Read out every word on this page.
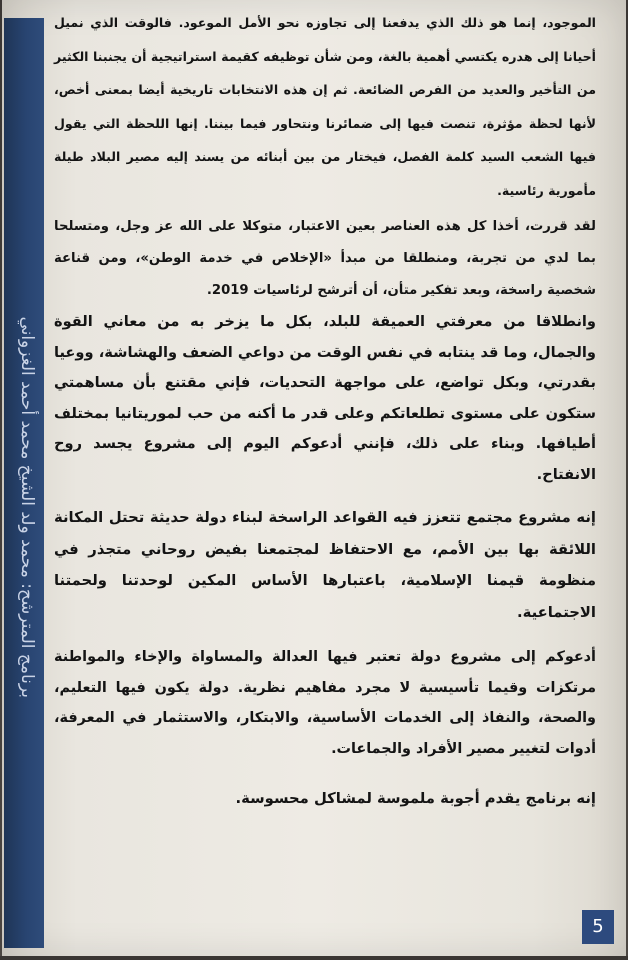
برنامج المترشح: محمد ولد الشيخ محمد أحمد الغزواني

الموجود، إنما هو ذلك الذي يدفعنا إلى تجاوزه نحو الأمل الموعود. فالوقت الذي نميل أحيانا إلى هدره يكتسي أهمية بالغة، ومن شأن توظيفه كقيمة استراتيجية أن يجنبنا الكثير من التأخير والعديد من الفرص الضائعة. ثم إن هذه الانتخابات تاريخية أيضا بمعنى أخص، لأنها لحظة مؤثرة، تنصت فيها إلى ضمائرنا ونتحاور فيما بيننا. إنها اللحظة التي يقول فيها الشعب السيد كلمة الفصل، فيختار من بين أبنائه من يسند إليه مصير البلاد طيلة مأمورية رئاسية.

لقد قررت، أخذا كل هذه العناصر بعين الاعتبار، متوكلا على الله عز وجل، ومتسلحا بما لدي من تجربة، ومنطلقا من مبدأ «الإخلاص في خدمة الوطن»، ومن قناعة شخصية راسخة، وبعد تفكير متأن، أن أترشح لرئاسيات 2019.

وانطلاقا من معرفتي العميقة للبلد، بكل ما يزخر به من معاني القوة والجمال، وما قد ينتابه في نفس الوقت من دواعي الضعف والهشاشة، ووعيا بقدرتي، وبكل تواضع، على مواجهة التحديات، فإني مقتنع بأن مساهمتي ستكون على مستوى تطلعاتكم وعلى قدر ما أكنه من حب لموريتانيا بمختلف أطيافها. وبناء على ذلك، فإنني أدعوكم اليوم إلى مشروع يجسد روح الانفتاح.

إنه مشروع مجتمع تتعزز فيه القواعد الراسخة لبناء دولة حديثة تحتل المكانة اللائقة بها بين الأمم، مع الاحتفاظ لمجتمعنا بفيض روحاني متجذر في منظومة قيمنا الإسلامية، باعتبارها الأساس المكين لوحدتنا ولحمتنا الاجتماعية.

أدعوكم إلى مشروع دولة تعتبر فيها العدالة والمساواة والإخاء والمواطنة مرتكزات وقيما تأسيسية لا مجرد مفاهيم نظرية. دولة يكون فيها التعليم، والصحة، والنفاذ إلى الخدمات الأساسية، والابتكار، والاستثمار في المعرفة، أدوات لتغيير مصير الأفراد والجماعات.

إنه برنامج يقدم أجوبة ملموسة لمشاكل محسوسة.

5
